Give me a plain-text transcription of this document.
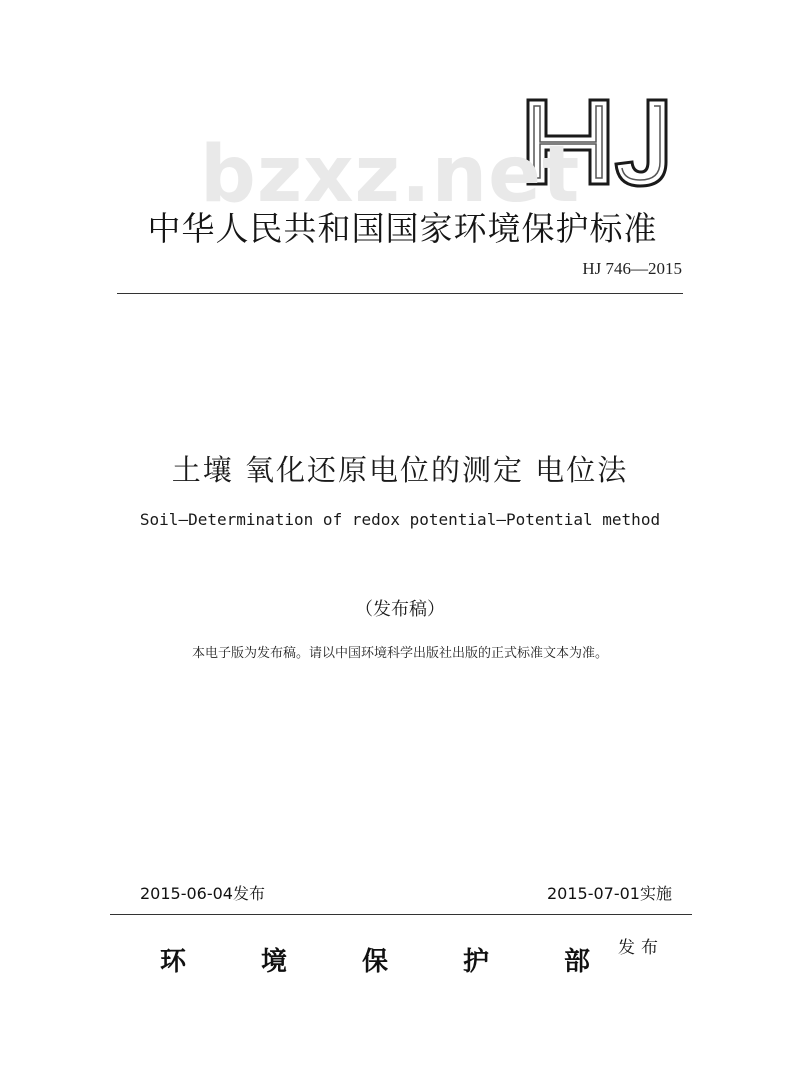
bzxz.net
中华人民共和国国家环境保护标准
HJ 746—2015
土壤 氧化还原电位的测定 电位法
Soil—Determination of redox potential—Potential method
（发布稿）
本电子版为发布稿。请以中国环境科学出版社出版的正式标准文本为准。
2015-06-04发布	2015-07-01实施
环	境	保	护	部 发布
